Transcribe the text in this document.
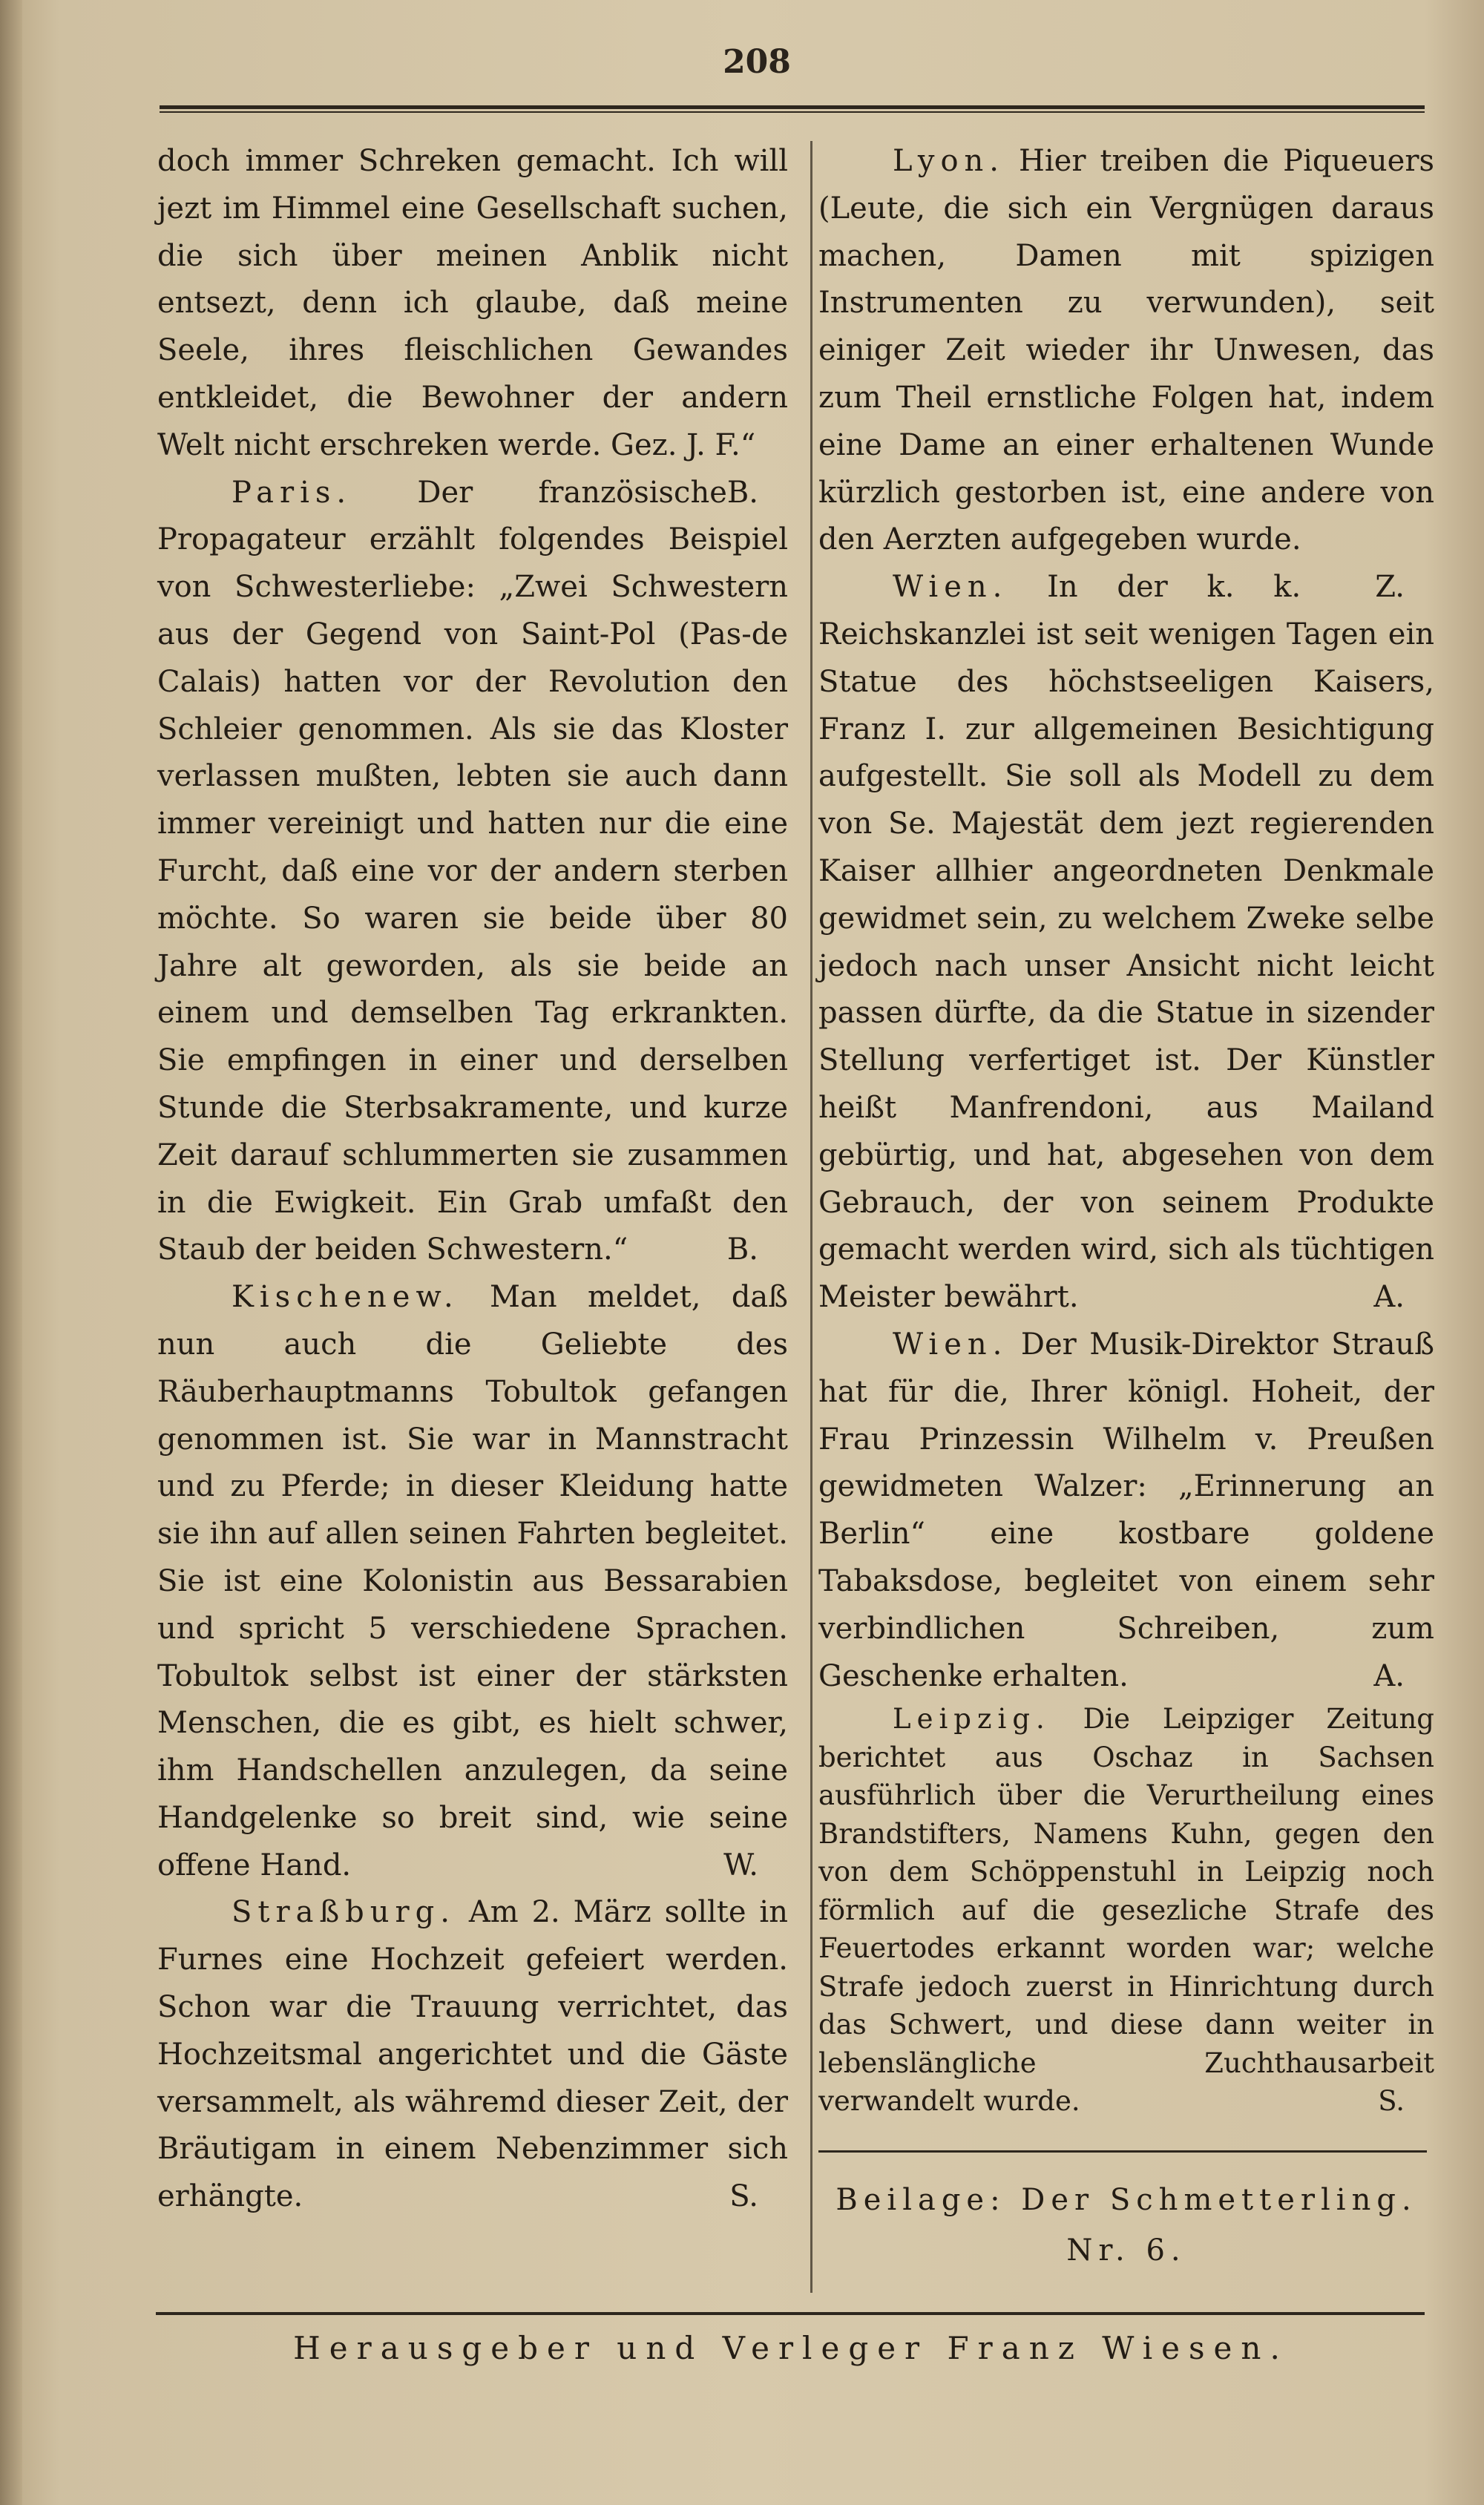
208

doch immer Schreken gemacht. Ich will jezt im Himmel eine Gesellschaft suchen, die sich über meinen Anblik nicht entsezt, denn ich glaube, daß meine Seele, ihres fleischlichen Gewandes entkleidet, die Bewohner der andern Welt nicht erschreken werde. Gez. J. F.“
B.

Paris. Der französische Propagateur erzählt folgendes Beispiel von Schwesterliebe: „Zwei Schwestern aus der Gegend von Saint-Pol (Pas-de Calais) hatten vor der Revolution den Schleier genommen. Als sie das Kloster verlassen mußten, lebten sie auch dann immer vereinigt und hatten nur die eine Furcht, daß eine vor der andern sterben möchte. So waren sie beide über 80 Jahre alt geworden, als sie beide an einem und demselben Tag erkrankten. Sie empfingen in einer und derselben Stunde die Sterbsakramente, und kurze Zeit darauf schlummerten sie zusammen in die Ewigkeit. Ein Grab umfaßt den Staub der beiden Schwestern.“	B.

Kischenew. Man meldet, daß nun auch die Geliebte des Räuberhauptmanns Tobultok gefangen genommen ist. Sie war in Mannstracht und zu Pferde; in dieser Kleidung hatte sie ihn auf allen seinen Fahrten begleitet. Sie ist eine Kolonistin aus Bessarabien und spricht 5 verschiedene Sprachen. Tobultok selbst ist einer der stärksten Menschen, die es gibt, es hielt schwer, ihm Handschellen anzulegen, da seine Handgelenke so breit sind, wie seine offene Hand.	W.

Straßburg. Am 2. März sollte in Furnes eine Hochzeit gefeiert werden. Schon war die Trauung verrichtet, das Hochzeitsmal angerichtet und die Gäste versammelt, als währemd dieser Zeit, der Bräutigam in einem Nebenzimmer sich erhängte.	S.

Lyon. Hier treiben die Piqueuers (Leute, die sich ein Vergnügen daraus machen, Damen mit spizigen Instrumenten zu verwunden), seit einiger Zeit wieder ihr Unwesen, das zum Theil ernstliche Folgen hat, indem eine Dame an einer erhaltenen Wunde kürzlich gestorben ist, eine andere von den Aerzten aufgegeben wurde.
Z.

Wien. In der k. k. Reichskanzlei ist seit wenigen Tagen ein Statue des höchstseeligen Kaisers, Franz I. zur allgemeinen Besichtigung aufgestellt. Sie soll als Modell zu dem von Se. Majestät dem jezt regierenden Kaiser allhier angeordneten Denkmale gewidmet sein, zu welchem Zweke selbe jedoch nach unser Ansicht nicht leicht passen dürfte, da die Statue in sizender Stellung verfertiget ist. Der Künstler heißt Manfrendoni, aus Mailand gebürtig, und hat, abgesehen von dem Gebrauch, der von seinem Produkte gemacht werden wird, sich als tüchtigen Meister bewährt.	A.

Wien. Der Musik-Direktor Strauß hat für die, Ihrer königl. Hoheit, der Frau Prinzessin Wilhelm v. Preußen gewidmeten Walzer: „Erinnerung an Berlin“ eine kostbare goldene Tabaksdose, begleitet von einem sehr verbindlichen Schreiben, zum Geschenke erhalten.	A.

Leipzig. Die Leipziger Zeitung berichtet aus Oschaz in Sachsen ausführlich über die Verurtheilung eines Brandstifters, Namens Kuhn, gegen den von dem Schöppenstuhl in Leipzig noch förmlich auf die gesezliche Strafe des Feuertodes erkannt worden war; welche Strafe jedoch zuerst in Hinrichtung durch das Schwert, und diese dann weiter in lebenslängliche Zuchthausarbeit verwandelt wurde.	S.

Beilage: Der Schmetterling. Nr. 6.

Herausgeber und Verleger Franz Wiesen.
